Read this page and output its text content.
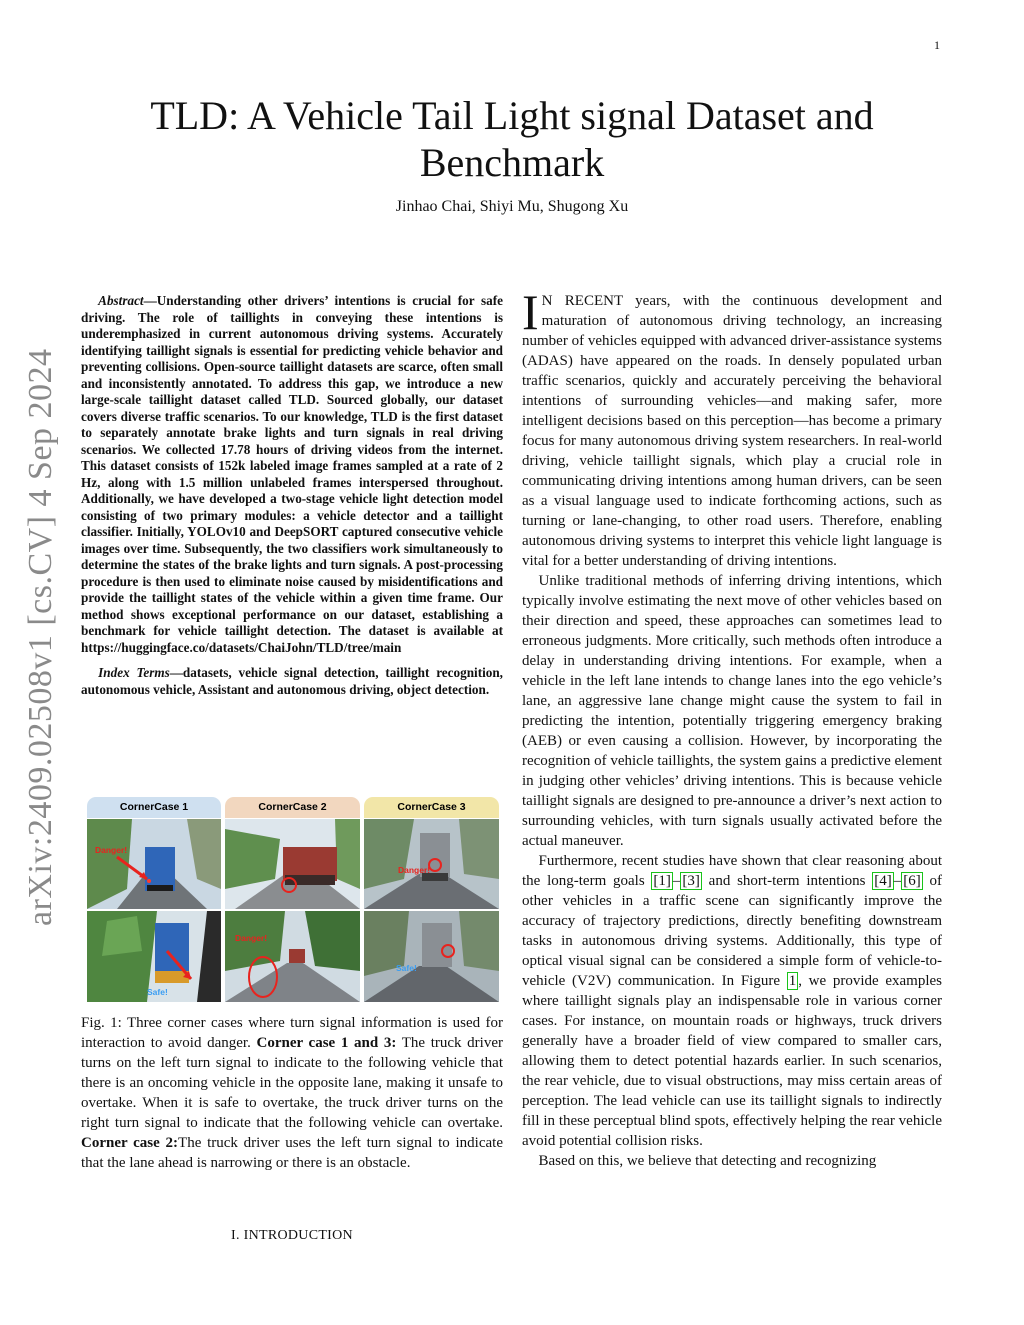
1
arXiv:2409.02508v1 [cs.CV] 4 Sep 2024
TLD: A Vehicle Tail Light signal Dataset and Benchmark
Jinhao Chai, Shiyi Mu, Shugong Xu

Abstract—Understanding other drivers’ intentions is crucial for safe driving. The role of taillights in conveying these intentions is underemphasized in current autonomous driving systems. Accurately identifying taillight signals is essential for predicting vehicle behavior and preventing collisions. Open-source taillight datasets are scarce, often small and inconsistently annotated. To address this gap, we introduce a new large-scale taillight dataset called TLD. Sourced globally, our dataset covers diverse traffic scenarios. To our knowledge, TLD is the first dataset to separately annotate brake lights and turn signals in real driving scenarios. We collected 17.78 hours of driving videos from the internet. This dataset consists of 152k labeled image frames sampled at a rate of 2 Hz, along with 1.5 million unlabeled frames interspersed throughout. Additionally, we have developed a two-stage vehicle light detection model consisting of two primary modules: a vehicle detector and a taillight classifier. Initially, YOLOv10 and DeepSORT captured consecutive vehicle images over time. Subsequently, the two classifiers work simultaneously to determine the states of the brake lights and turn signals. A post-processing procedure is then used to eliminate noise caused by misidentifications and provide the taillight states of the vehicle within a given time frame. Our method shows exceptional performance on our dataset, establishing a benchmark for vehicle taillight detection. The dataset is available at https://huggingface.co/datasets/ChaiJohn/TLD/tree/main

Index Terms—datasets, vehicle signal detection, taillight recognition, autonomous vehicle, Assistant and autonomous driving, object detection.

CornerCase 1
Danger!
Safe!
CornerCase 2
Danger!
CornerCase 3
Danger!
Safe!

Fig. 1: Three corner cases where turn signal information is used for interaction to avoid danger. Corner case 1 and 3: The truck driver turns on the left turn signal to indicate to the following vehicle that there is an oncoming vehicle in the opposite lane, making it unsafe to overtake. When it is safe to overtake, the truck driver turns on the right turn signal to indicate that the following vehicle can overtake. Corner case 2:The truck driver uses the left turn signal to indicate that the lane ahead is narrowing or there is an obstacle.

I. INTRODUCTION

I N RECENT years, with the continuous development and maturation of autonomous driving technology, an increasing number of vehicles equipped with advanced driver-assistance systems (ADAS) have appeared on the roads. In densely populated urban traffic scenarios, quickly and accurately perceiving the behavioral intentions of surrounding vehicles—and making safer, more intelligent decisions based on this perception—has become a primary focus for many autonomous driving system researchers. In real-world driving, vehicle taillight signals, which play a crucial role in communicating driving intentions among human drivers, can be seen as a visual language used to indicate forthcoming actions, such as turning or lane-changing, to other road users. Therefore, enabling autonomous driving systems to interpret this vehicle light language is vital for a better understanding of driving intentions.

Unlike traditional methods of inferring driving intentions, which typically involve estimating the next move of other vehicles based on their direction and speed, these approaches can sometimes lead to erroneous judgments. More critically, such methods often introduce a delay in understanding driving intentions. For example, when a vehicle in the left lane intends to change lanes into the ego vehicle’s lane, an aggressive lane change might cause the system to fail in predicting the intention, potentially triggering emergency braking (AEB) or even causing a collision. However, by incorporating the recognition of vehicle taillights, the system gains a predictive element in judging other vehicles’ driving intentions. This is because vehicle taillight signals are designed to pre-announce a driver’s next action to surrounding vehicles, with turn signals usually activated before the actual maneuver.

Furthermore, recent studies have shown that clear reasoning about the long-term goals [1] – [3] and short-term intentions [4] – [6] of other vehicles in a traffic scene can significantly improve the accuracy of trajectory predictions, directly benefiting downstream tasks in autonomous driving systems. Additionally, this type of optical visual signal can be considered a simple form of vehicle-to-vehicle (V2V) communication. In Figure 1 , we provide examples where taillight signals play an indispensable role in various corner cases. For instance, on mountain roads or highways, truck drivers generally have a broader field of view compared to smaller cars, allowing them to detect potential hazards earlier. In such scenarios, the rear vehicle, due to visual obstructions, may miss certain areas of perception. The lead vehicle can use its taillight signals to indirectly fill in these perceptual blind spots, effectively helping the rear vehicle avoid potential collision risks.

Based on this, we believe that detecting and recognizing
